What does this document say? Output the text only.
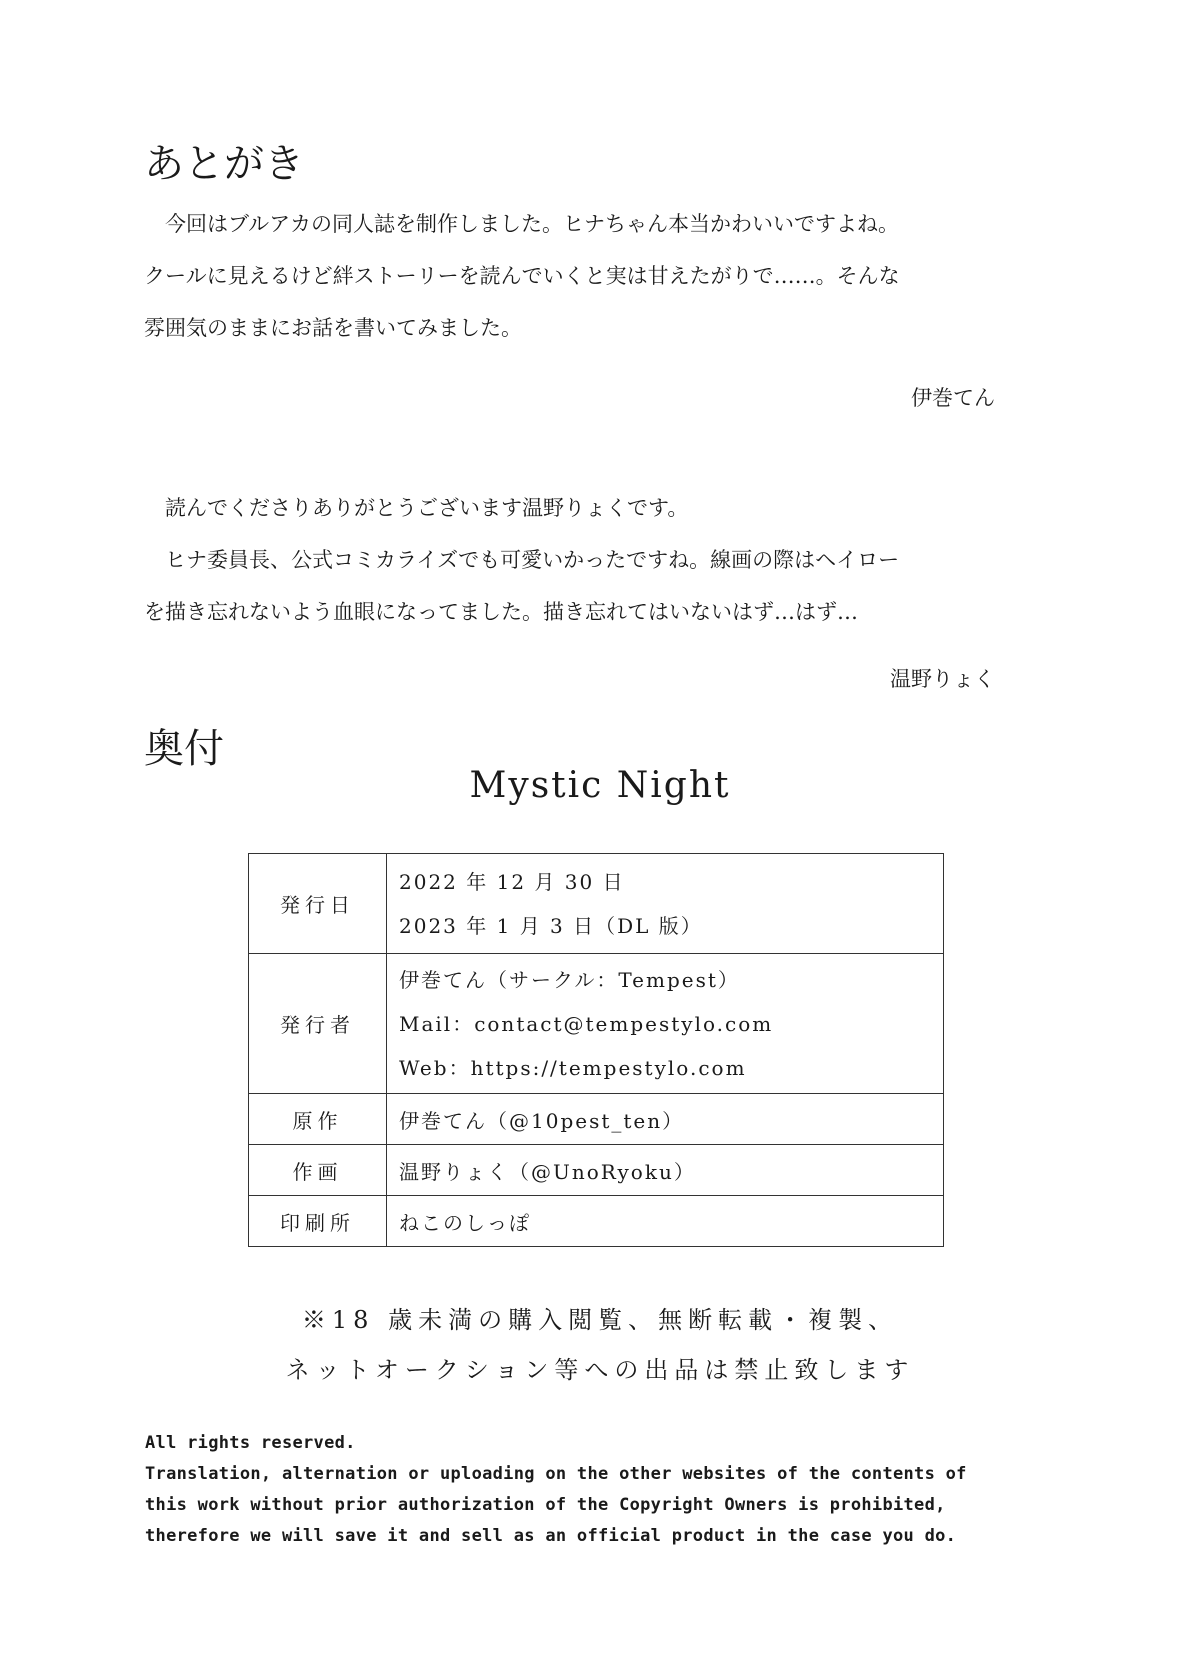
あとがき
今回はブルアカの同人誌を制作しました。ヒナちゃん本当かわいいですよね。
クールに見えるけど絆ストーリーを読んでいくと実は甘えたがりで……。そんな
雰囲気のままにお話を書いてみました。
伊巻てん
読んでくださりありがとうございます温野りょくです。
ヒナ委員長、公式コミカライズでも可愛いかったですね。線画の際はヘイロー
を描き忘れないよう血眼になってました。描き忘れてはいないはず…はず…
温野りょく
奥付
Mystic Night
発行日	2022 年 12 月 30 日
2023 年 1 月 3 日（DL 版）

発行者	伊巻てん（サークル：Tempest）
Mail：contact@tempestylo.com
Web：https://tempestylo.com

原作	伊巻てん（@10pest_ten）
作画	温野りょく（@UnoRyoku）
印刷所	ねこのしっぽ
※18 歳未満の購入閲覧、無断転載・複製、
ネットオークション等への出品は禁止致します
All rights reserved.
Translation, alternation or uploading on the other websites of the contents of
this work without prior authorization of the Copyright Owners is prohibited,
therefore we will save it and sell as an official product in the case you do.
